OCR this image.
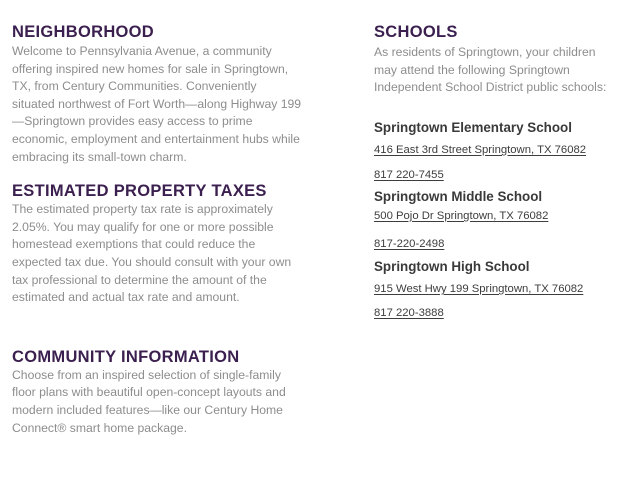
NEIGHBORHOOD

Welcome to Pennsylvania Avenue, a community offering inspired new homes for sale in Springtown, TX, from Century Communities. Conveniently situated northwest of Fort Worth—along Highway 199—Springtown provides easy access to prime economic, employment and entertainment hubs while embracing its small-town charm.

ESTIMATED PROPERTY TAXES

The estimated property tax rate is approximately 2.05%. You may qualify for one or more possible homestead exemptions that could reduce the expected tax due. You should consult with your own tax professional to determine the amount of the estimated and actual tax rate and amount.

COMMUNITY INFORMATION

Choose from an inspired selection of single-family floor plans with beautiful open-concept layouts and modern included features—like our Century Home Connect® smart home package.

SCHOOLS

As residents of Springtown, your children
may attend the following Springtown
Independent School District public schools:

Springtown Elementary School
416 East 3rd Street Springtown, TX 76082
817 220-7455
Springtown Middle School
500 Pojo Dr Springtown, TX 76082
817-220-2498
Springtown High School
915 West Hwy 199 Springtown, TX 76082
817 220-3888
